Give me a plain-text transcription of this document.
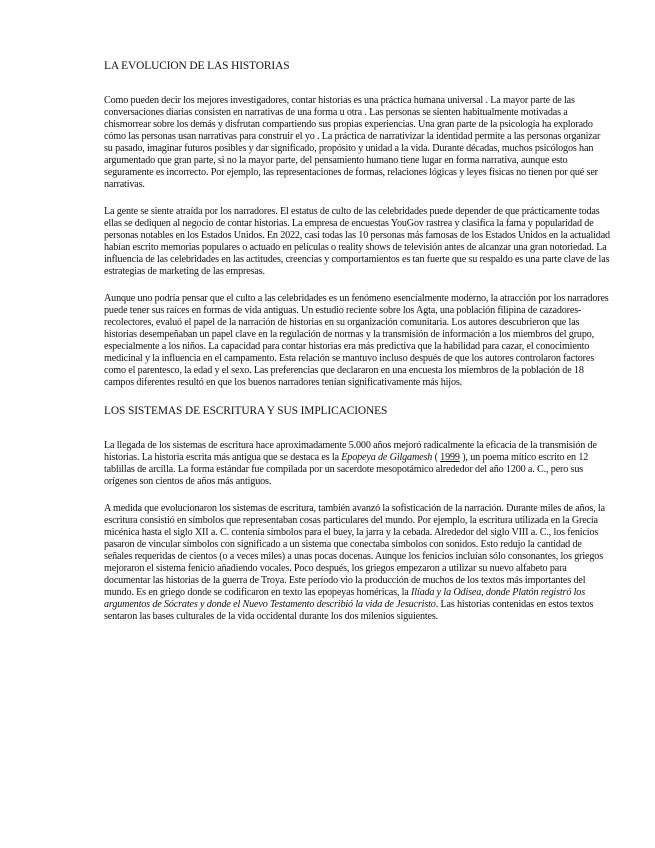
LA EVOLUCION DE LAS HISTORIAS

Como pueden decir los mejores investigadores, contar historias es una práctica humana universal . La mayor parte de las conversaciones diarias consisten en narrativas de una forma u otra . Las personas se sienten habitualmente motivadas a chismorrear sobre los demás y disfrutan compartiendo sus propias experiencias. Una gran parte de la psicología ha explorado cómo las personas usan narrativas para construir el yo . La práctica de narrativizar la identidad permite a las personas organizar su pasado, imaginar futuros posibles y dar significado, propósito y unidad a la vida. Durante décadas, muchos psicólogos han argumentado que gran parte, si no la mayor parte, del pensamiento humano tiene lugar en forma narrativa, aunque esto seguramente es incorrecto. Por ejemplo, las representaciones de formas, relaciones lógicas y leyes físicas no tienen por qué ser narrativas.

La gente se siente atraída por los narradores. El estatus de culto de las celebridades puede depender de que prácticamente todas ellas se dediquen al negocio de contar historias. La empresa de encuestas YouGov rastrea y clasifica la fama y popularidad de personas notables en los Estados Unidos. En 2022, casi todas las 10 personas más famosas de los Estados Unidos en la actualidad habían escrito memorias populares o actuado en películas o reality shows de televisión antes de alcanzar una gran notoriedad. La influencia de las celebridades en las actitudes, creencias y comportamientos es tan fuerte que su respaldo es una parte clave de las estrategias de marketing de las empresas.

Aunque uno podría pensar que el culto a las celebridades es un fenómeno esencialmente moderno, la atracción por los narradores puede tener sus raíces en formas de vida antiguas. Un estudio reciente sobre los Agta, una población filipina de cazadores-recolectores, evaluó el papel de la narración de historias en su organización comunitaria. Los autores descubrieron que las historias desempeñaban un papel clave en la regulación de normas y la transmisión de información a los miembros del grupo, especialmente a los niños. La capacidad para contar historias era más predictiva que la habilidad para cazar, el conocimiento medicinal y la influencia en el campamento. Esta relación se mantuvo incluso después de que los autores controlaron factores como el parentesco, la edad y el sexo. Las preferencias que declararon en una encuesta los miembros de la población de 18 campos diferentes resultó en que los buenos narradores tenían significativamente más hijos.

LOS SISTEMAS DE ESCRITURA Y SUS IMPLICACIONES

La llegada de los sistemas de escritura hace aproximadamente 5.000 años mejoró radicalmente la eficacia de la transmisión de historias. La historia escrita más antigua que se destaca es la Epopeya de Gilgamesh ( 1999 ), un poema mítico escrito en 12 tablillas de arcilla. La forma estándar fue compilada por un sacerdote mesopotámico alrededor del año 1200 a. C., pero sus orígenes son cientos de años más antiguos.

A medida que evolucionaron los sistemas de escritura, también avanzó la sofisticación de la narración. Durante miles de años, la escritura consistió en símbolos que representaban cosas particulares del mundo. Por ejemplo, la escritura utilizada en la Grecia micénica hasta el siglo XII a. C. contenía símbolos para el buey, la jarra y la cebada. Alrededor del siglo VIII a. C., los fenicios pasaron de vincular símbolos con significado a un sistema que conectaba símbolos con sonidos. Esto redujo la cantidad de señales requeridas de cientos (o a veces miles) a unas pocas docenas. Aunque los fenicios incluían sólo consonantes, los griegos mejoraron el sistema fenicio añadiendo vocales. Poco después, los griegos empezaron a utilizar su nuevo alfabeto para documentar las historias de la guerra de Troya. Este período vio la producción de muchos de los textos más importantes del mundo. Es en griego donde se codificaron en texto las epopeyas homéricas, la Ilíada y la Odisea, donde Platón registró los argumentos de Sócrates y donde el Nuevo Testamento describió la vida de Jesucristo. Las historias contenidas en estos textos sentaron las bases culturales de la vida occidental durante los dos milenios siguientes.
